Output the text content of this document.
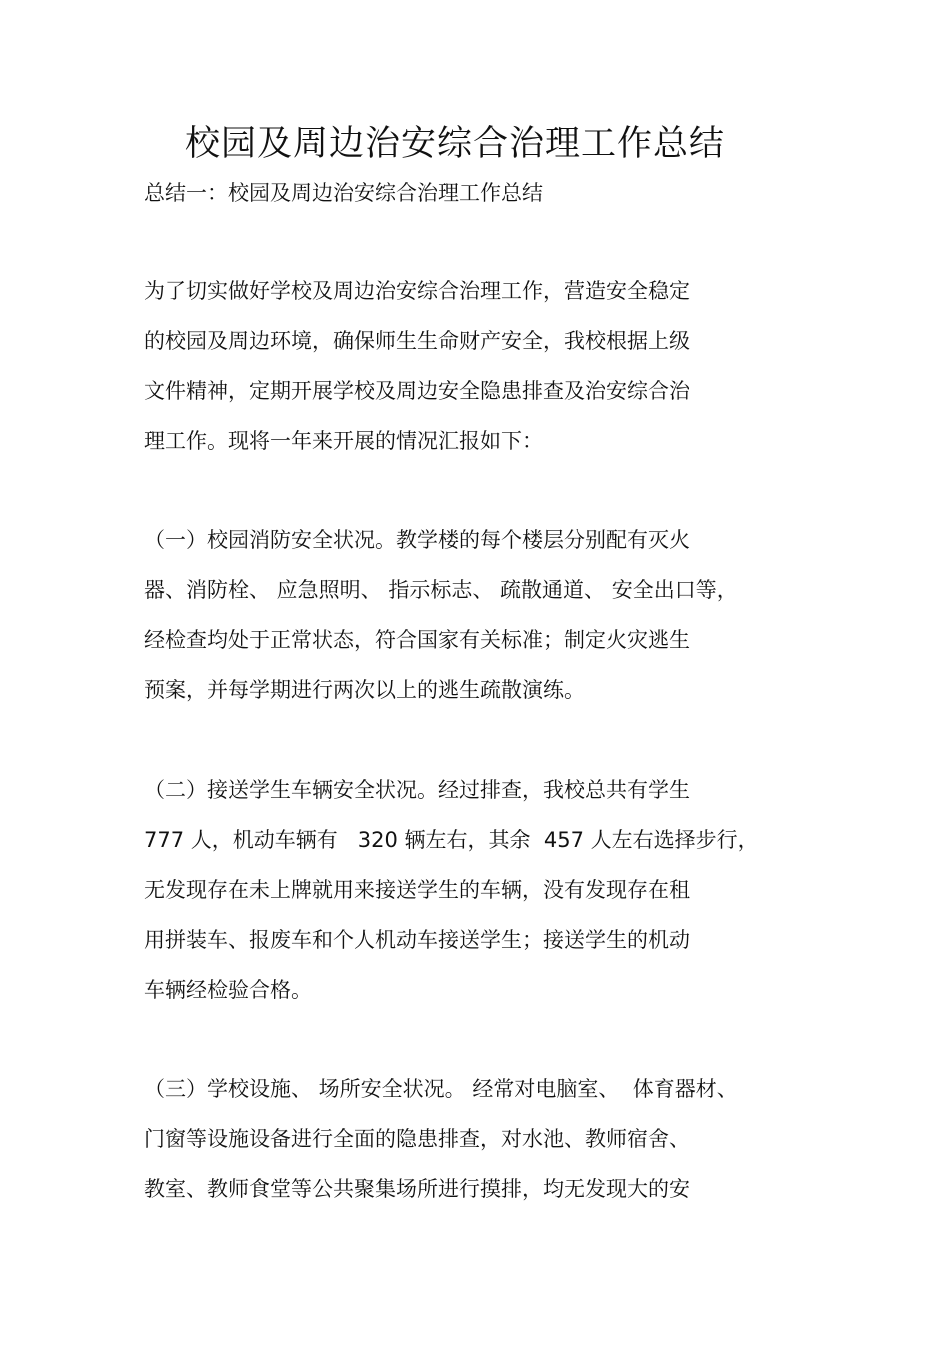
校园及周边治安综合治理工作总结
总结一：校园及周边治安综合治理工作总结
为了切实做好学校及周边治安综合治理工作，营造安全稳定
的校园及周边环境，确保师生生命财产安全，我校根据上级
文件精神，定期开展学校及周边安全隐患排查及治安综合治
理工作。现将一年来开展的情况汇报如下：
（一）校园消防安全状况。教学楼的每个楼层分别配有灭火
器、消防栓、 应急照明、 指示标志、 疏散通道、 安全出口等，
经检查均处于正常状态，符合国家有关标准；制定火灾逃生
预案，并每学期进行两次以上的逃生疏散演练。
（二）接送学生车辆安全状况。经过排查，我校总共有学生
777 人，机动车辆有   320 辆左右，其余  457 人左右选择步行，
无发现存在未上牌就用来接送学生的车辆，没有发现存在租
用拼装车、报废车和个人机动车接送学生；接送学生的机动
车辆经检验合格。
（三）学校设施、 场所安全状况。 经常对电脑室、  体育器材、
门窗等设施设备进行全面的隐患排查，对水池、教师宿舍、
教室、教师食堂等公共聚集场所进行摸排，均无发现大的安
